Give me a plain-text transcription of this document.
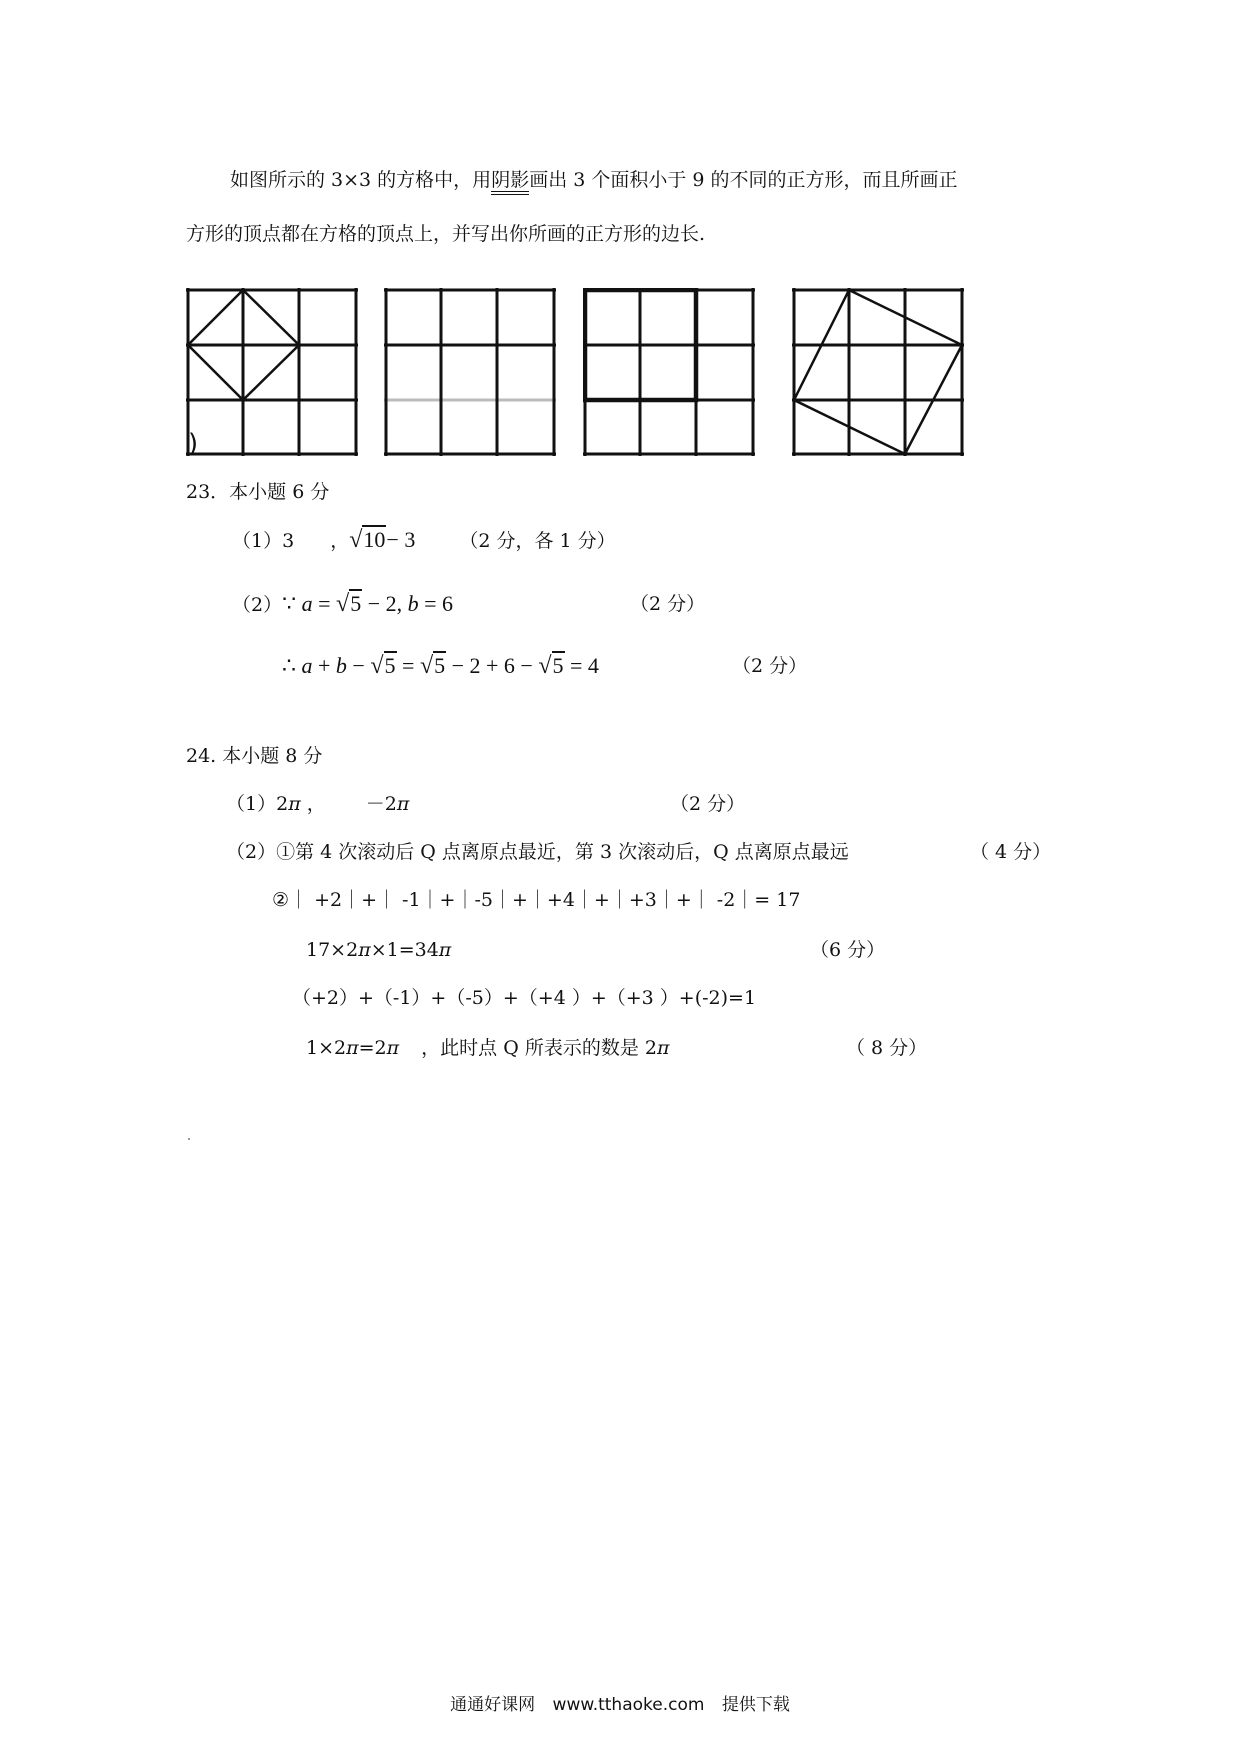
如图所示的 3×3 的方格中，用阴影画出 3 个面积小于 9 的不同的正方形，而且所画正
方形的顶点都在方格的顶点上，并写出你所画的正方形的边长.
)
23．本小题 6 分
（1）3 ，√10− 3 （2 分，各 1 分）
（2）∵ a = √5 − 2, b = 6	（2 分）
∴ a + b − √5 = √5 − 2 + 6 − √5 = 4	（2 分）
24. 本小题 8 分
（1）2π ， －2π	（2 分）
（2）①第 4 次滚动后 Q 点离原点最近，第 3 次滚动后，Q 点离原点最远	（ 4 分）
②｜ +2｜+｜ -1｜+｜-5｜+｜+4｜+｜+3｜+｜ -2｜= 17
17×2π×1=34π	（6 分）
（+2）+（-1）+（-5）+（+4 ）+（+3 ）+(-2)=1
1×2π=2π ，此时点 Q 所表示的数是 2π	（ 8 分）
通通好课网 www.tthaoke.com 提供下载
